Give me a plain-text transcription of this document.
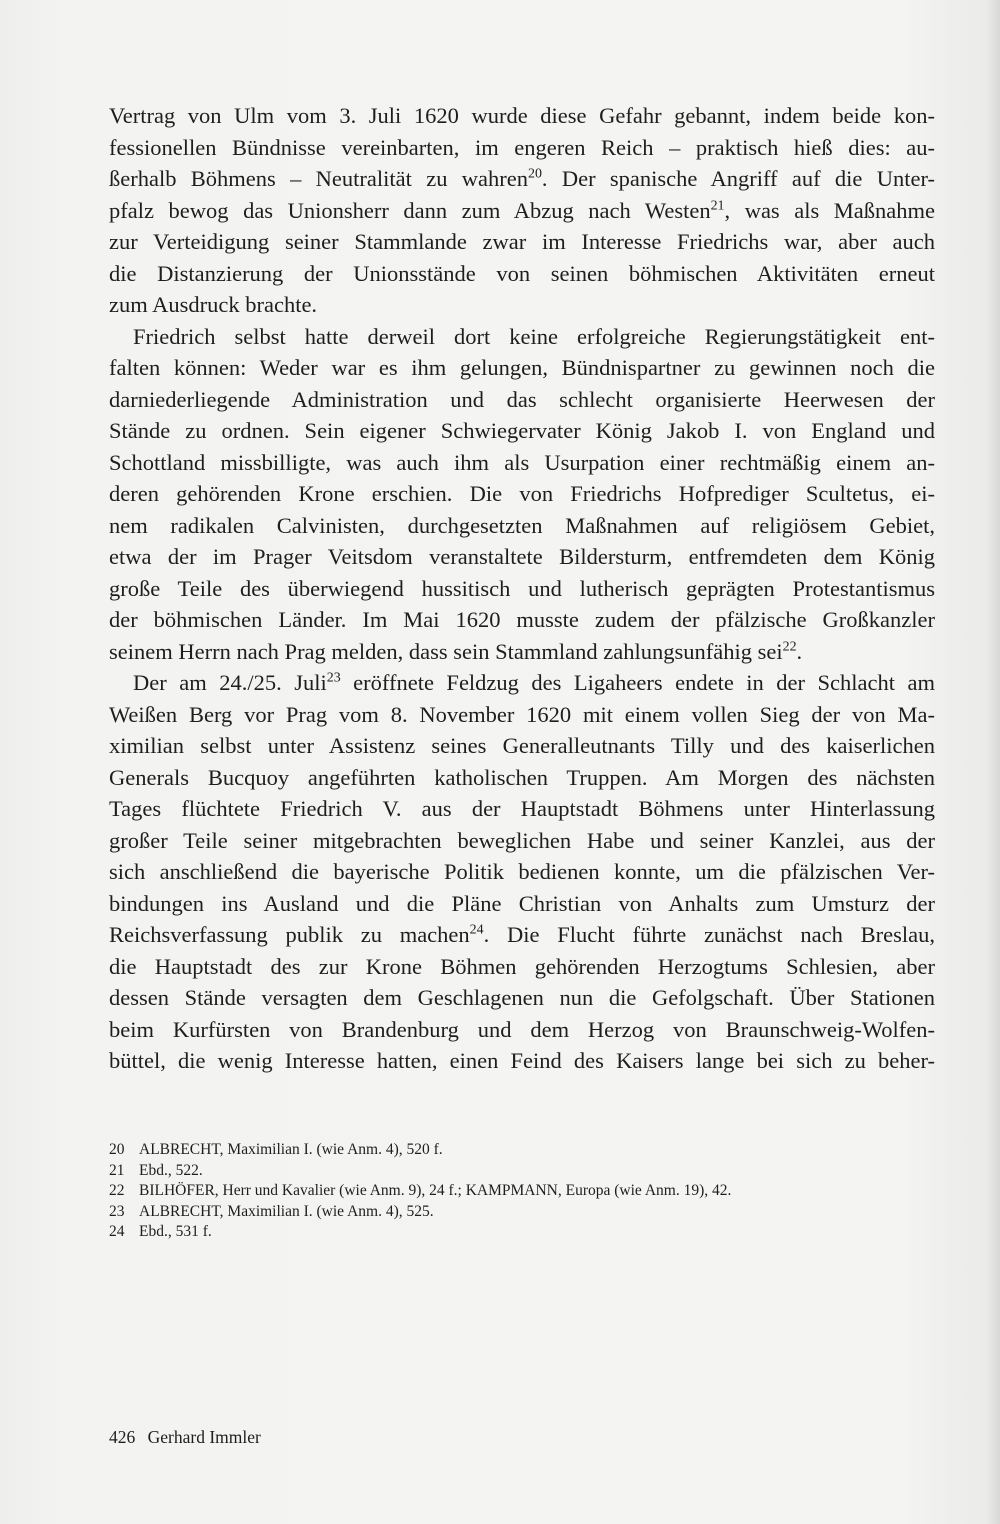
Vertrag von Ulm vom 3. Juli 1620 wurde diese Gefahr gebannt, indem beide kon-
fessionellen Bündnisse vereinbarten, im engeren Reich – praktisch hieß dies: au-
ßerhalb Böhmens – Neutralität zu wahren$^{20}$. Der spanische Angriff auf die Unter-
pfalz bewog das Unionsherr dann zum Abzug nach Westen$^{21}$, was als Maßnahme
zur Verteidigung seiner Stammlande zwar im Interesse Friedrichs war, aber auch
die Distanzierung der Unionsstände von seinen böhmischen Aktivitäten erneut
zum Ausdruck brachte.
Friedrich selbst hatte derweil dort keine erfolgreiche Regierungstätigkeit ent-
falten können: Weder war es ihm gelungen, Bündnispartner zu gewinnen noch die
darniederliegende Administration und das schlecht organisierte Heerwesen der
Stände zu ordnen. Sein eigener Schwiegervater König Jakob I. von England und
Schottland missbilligte, was auch ihm als Usurpation einer rechtmäßig einem an-
deren gehörenden Krone erschien. Die von Friedrichs Hofprediger Scultetus, ei-
nem radikalen Calvinisten, durchgesetzten Maßnahmen auf religiösem Gebiet,
etwa der im Prager Veitsdom veranstaltete Bildersturm, entfremdeten dem König
große Teile des überwiegend hussitisch und lutherisch geprägten Protestantismus
der böhmischen Länder. Im Mai 1620 musste zudem der pfälzische Großkanzler
seinem Herrn nach Prag melden, dass sein Stammland zahlungsunfähig sei$^{22}$.
Der am 24./25. Juli$^{23}$ eröffnete Feldzug des Ligaheers endete in der Schlacht am
Weißen Berg vor Prag vom 8. November 1620 mit einem vollen Sieg der von Ma-
ximilian selbst unter Assistenz seines Generalleutnants Tilly und des kaiserlichen
Generals Bucquoy angeführten katholischen Truppen. Am Morgen des nächsten
Tages flüchtete Friedrich V. aus der Hauptstadt Böhmens unter Hinterlassung
großer Teile seiner mitgebrachten beweglichen Habe und seiner Kanzlei, aus der
sich anschließend die bayerische Politik bedienen konnte, um die pfälzischen Ver-
bindungen ins Ausland und die Pläne Christian von Anhalts zum Umsturz der
Reichsverfassung publik zu machen$^{24}$. Die Flucht führte zunächst nach Breslau,
die Hauptstadt des zur Krone Böhmen gehörenden Herzogtums Schlesien, aber
dessen Stände versagten dem Geschlagenen nun die Gefolgschaft. Über Stationen
beim Kurfürsten von Brandenburg und dem Herzog von Braunschweig-Wolfen-
büttel, die wenig Interesse hatten, einen Feind des Kaisers lange bei sich zu beher-
20 ALBRECHT, Maximilian I. (wie Anm. 4), 520 f.
21 Ebd., 522.
22 BILHÖFER, Herr und Kavalier (wie Anm. 9), 24 f.; KAMPMANN, Europa (wie Anm. 19), 42.
23 ALBRECHT, Maximilian I. (wie Anm. 4), 525.
24 Ebd., 531 f.
426 Gerhard Immler
